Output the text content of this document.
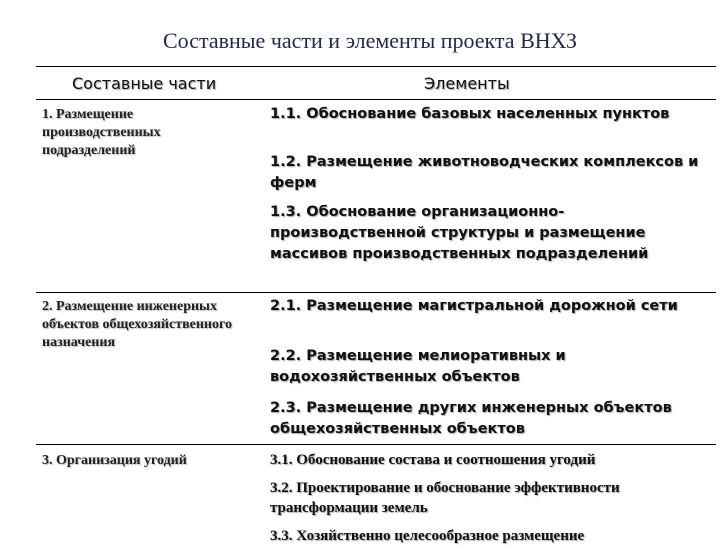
Составные части и элементы проекта ВНХЗ
Составные части	Элементы
1. Размещение производственных подразделений
1.1. Обоснование базовых населенных пунктов
1.2. Размещение животноводческих комплексов и ферм
1.3. Обоснование организационно-производственной структуры и размещение массивов производственных подразделений
2. Размещение инженерных объектов общехозяйственного назначения
2.1. Размещение магистральной дорожной сети
2.2. Размещение мелиоративных и водохозяйственных объектов
2.3. Размещение других инженерных объектов общехозяйственных объектов
3. Организация угодий	3.1. Обоснование состава и соотношения угодий
3.2. Проектирование и обоснование эффективности трансформации земель
3.3. Хозяйственно целесообразное размещение
